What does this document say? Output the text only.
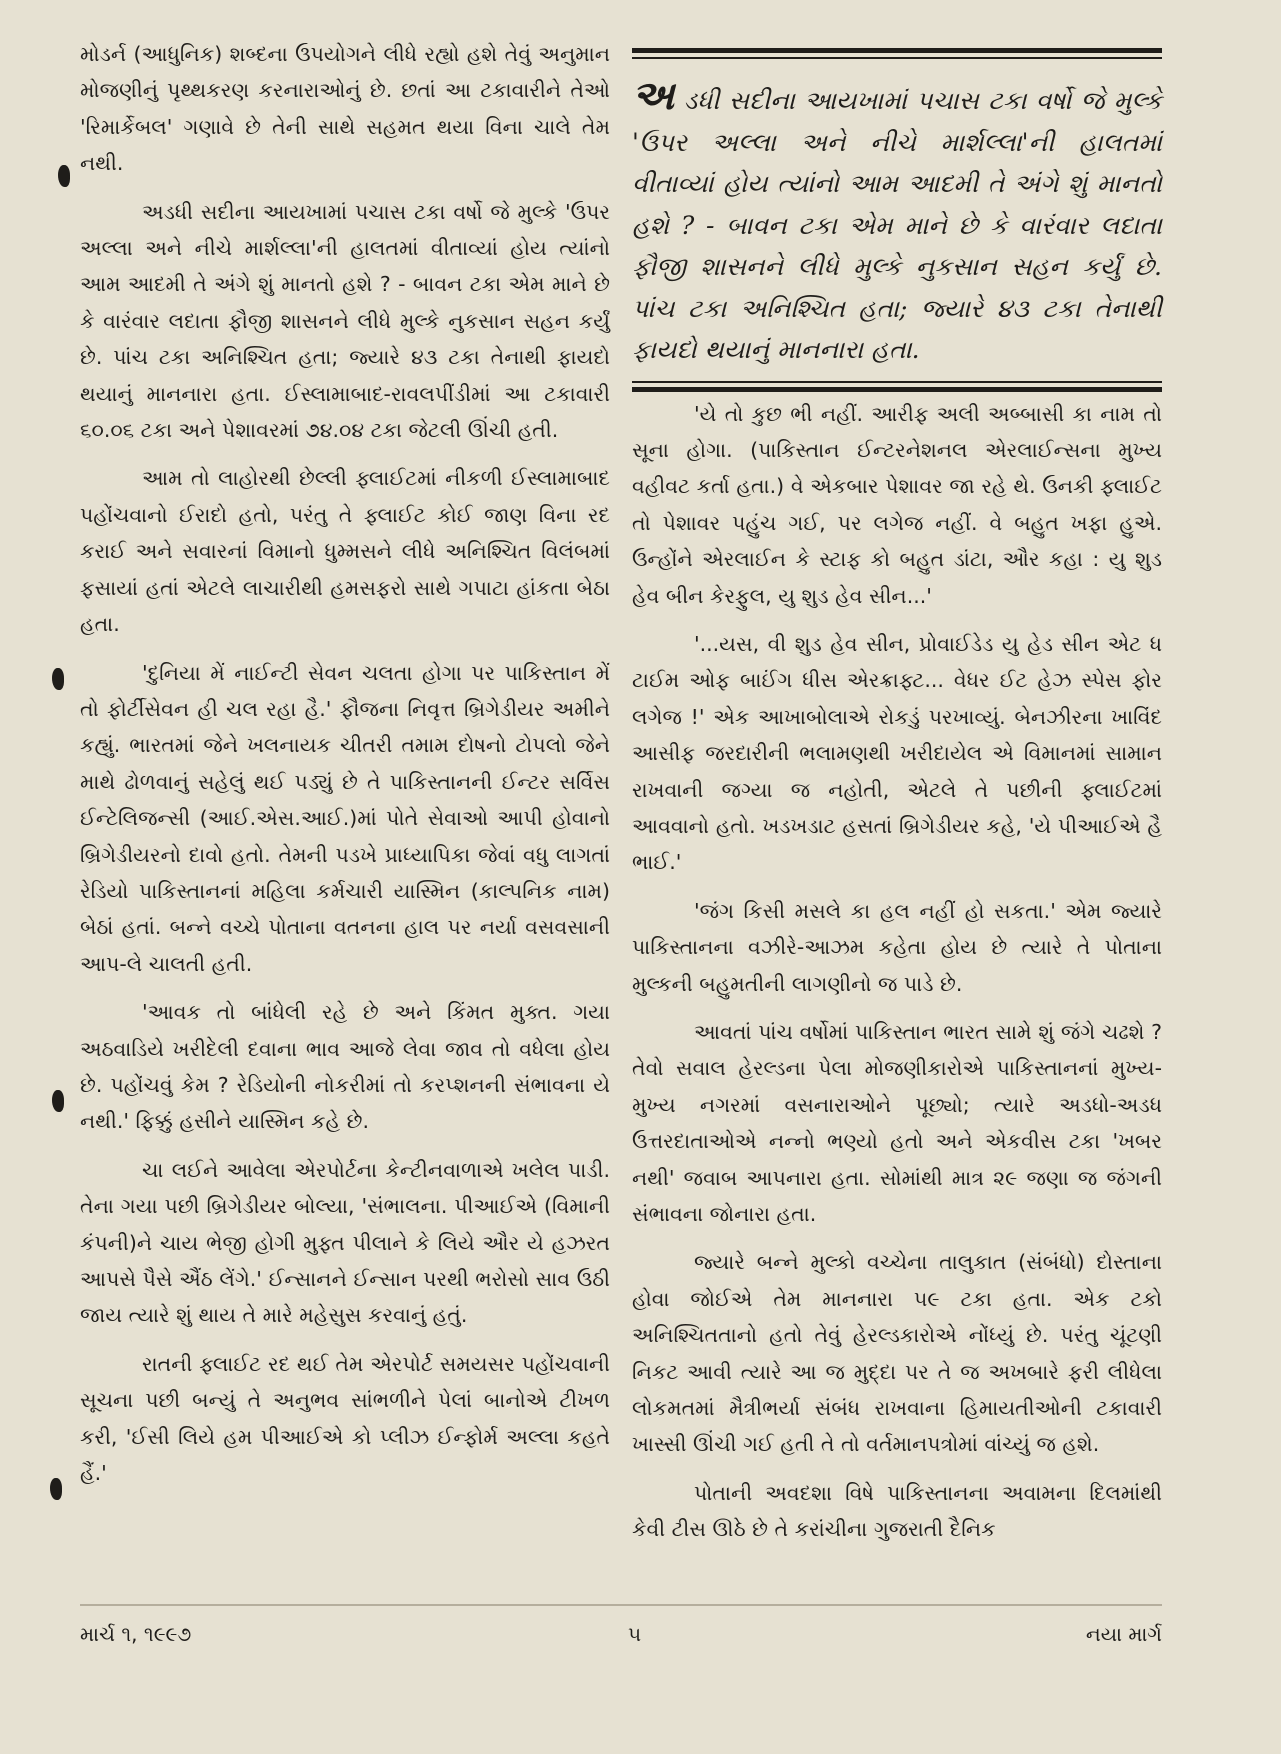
મોડર્ન (આધુનિક) શબ્દના ઉપયોગને લીધે રહ્યો હશે તેવું અનુમાન મોજણીનું પૃથ્થકરણ કરનારાઓનું છે. છતાં આ ટકાવારીને તેઓ 'રિમાર્કેબલ' ગણાવે છે તેની સાથે સહમત થયા વિના ચાલે તેમ નથી.

અડધી સદીના આયખામાં પચાસ ટકા વર્ષો જે મુલ્કે 'ઉપર અલ્લા અને નીચે માર્શલ્લા'ની હાલતમાં વીતાવ્યાં હોય ત્યાંનો આમ આદમી તે અંગે શું માનતો હશે ? - બાવન ટકા એમ માને છે કે વારંવાર લદાતા ફૌજી શાસનને લીધે મુલ્કે નુકસાન સહન કર્યું છે. પાંચ ટકા અનિશ્ચિત હતા; જ્યારે ૪૩ ટકા તેનાથી ફાયદો થયાનું માનનારા હતા. ઈસ્લામાબાદ-રાવલપીંડીમાં આ ટકાવારી ૬૦.૦૬ ટકા અને પેશાવરમાં ૭૪.૦૪ ટકા જેટલી ઊંચી હતી.

આમ તો લાહોરથી છેલ્લી ફ્લાઈટમાં નીકળી ઈસ્લામાબાદ પહોંચવાનો ઈરાદો હતો, પરંતુ તે ફ્લાઈટ કોઈ જાણ વિના રદ કરાઈ અને સવારનાં વિમાનો ધુમ્મસને લીધે અનિશ્ચિત વિલંબમાં ફસાયાં હતાં એટલે લાચારીથી હમસફરો સાથે ગપાટા હાંકતા બેઠા હતા.

'દુનિયા મેં નાઈન્ટી સેવન ચલતા હોગા પર પાકિસ્તાન મેં તો ફોર્ટીસેવન હી ચલ રહા હૈ.' ફૌજના નિવૃત્ત બ્રિગેડીયર અમીને કહ્યું. ભારતમાં જેને ખલનાયક ચીતરી તમામ દોષનો ટોપલો જેને માથે ઢોળવાનું સહેલું થઈ પડ્યું છે તે પાકિસ્તાનની ઈન્ટર સર્વિસ ઈન્ટેલિજન્સી (આઈ.એસ.આઈ.)માં પોતે સેવાઓ આપી હોવાનો બ્રિગેડીયરનો દાવો હતો. તેમની પડખે પ્રાધ્યાપિકા જેવાં વધુ લાગતાં રેડિયો પાકિસ્તાનનાં મહિલા કર્મચારી યાસ્મિન (કાલ્પનિક નામ) બેઠાં હતાં. બન્ને વચ્ચે પોતાના વતનના હાલ પર નર્યા વસવસાની આપ-લે ચાલતી હતી.

'આવક તો બાંધેલી રહે છે અને કિંમત મુક્ત. ગયા અઠવાડિયે ખરીદેલી દવાના ભાવ આજે લેવા જાવ તો વધેલા હોય છે. પહોંચવું કેમ ? રેડિયોની નોકરીમાં તો કરપ્શનની સંભાવના યે નથી.' ફિક્કું હસીને યાસ્મિન કહે છે.

ચા લઈને આવેલા એરપોર્ટના કેન્ટીનવાળાએ ખલેલ પાડી. તેના ગયા પછી બ્રિગેડીયર બોલ્યા, 'સંભાલના. પીઆઈએ (વિમાની કંપની)ને ચાય ભેજી હોગી મુફ્ત પીલાને કે લિયે ઔર યે હઝરત આપસે પૈસે ઐંઠ લેંગે.' ઈન્સાનને ઈન્સાન પરથી ભરોસો સાવ ઉઠી જાય ત્યારે શું થાય તે મારે મહેસુસ કરવાનું હતું.

રાતની ફ્લાઈટ રદ થઈ તેમ એરપોર્ટ સમયસર પહોંચવાની સૂચના પછી બન્યું તે અનુભવ સાંભળીને પેલાં બાનોએ ટીખળ કરી, 'ઈસી લિયે હમ પીઆઈએ કો પ્લીઝ ઈન્ફોર્મ અલ્લા કહતે હૈં.'

અ ડધી સદીના આયખામાં પચાસ ટકા વર્ષો જે મુલ્કે 'ઉપર અલ્લા અને નીચે માર્શલ્લા'ની હાલતમાં વીતાવ્યાં હોય ત્યાંનો આમ આદમી તે અંગે શું માનતો હશે ? - બાવન ટકા એમ માને છે કે વારંવાર લદાતા ફૌજી શાસનને લીધે મુલ્કે નુકસાન સહન કર્યું છે. પાંચ ટકા અનિશ્ચિત હતા; જ્યારે ૪૩ ટકા તેનાથી ફાયદો થયાનું માનનારા હતા.

'યે તો કુછ ભી નહીં. આરીફ અલી અબ્બાસી કા નામ તો સૂના હોગા. (પાકિસ્તાન ઈન્ટરનેશનલ એરલાઈન્સના મુખ્ય વહીવટ કર્તા હતા.) વે એકબાર પેશાવર જા રહે થે. ઉનકી ફ્લાઈટ તો પેશાવર પહુંચ ગઈ, પર લગેજ નહીં. વે બહુત ખફા હુએ. ઉન્હોંને એરલાઈન કે સ્ટાફ કો બહુત ડાંટા, ઔર કહા : યુ શુડ હેવ બીન કેરફુલ, યુ શુડ હેવ સીન...'

'...યસ, વી શુડ હેવ સીન, પ્રોવાઈડેડ યુ હેડ સીન એટ ધ ટાઈમ ઓફ બાઈંગ ધીસ એરક્રાફ્ટ... વેધર ઈટ હેઝ સ્પેસ ફોર લગેજ !' એક આખાબોલાએ રોકડું પરખાવ્યું. બેનઝીરના ખાવિંદ આસીફ જરદારીની ભલામણથી ખરીદાયેલ એ વિમાનમાં સામાન રાખવાની જગ્યા જ નહોતી, એટલે તે પછીની ફ્લાઈટમાં આવવાનો હતો. ખડખડાટ હસતાં બ્રિગેડીયર કહે, 'યે પીઆઈએ હૈ ભાઈ.'

'જંગ કિસી મસલે કા હલ નહીં હો સકતા.' એમ જ્યારે પાકિસ્તાનના વઝીરે-આઝમ કહેતા હોય છે ત્યારે તે પોતાના મુલ્કની બહુમતીની લાગણીનો જ પાડે છે.

આવતાં પાંચ વર્ષોમાં પાકિસ્તાન ભારત સામે શું જંગે ચઢશે ? તેવો સવાલ હેરલ્ડના પેલા મોજણીકારોએ પાકિસ્તાનનાં મુખ્ય-મુખ્ય નગરમાં વસનારાઓને પૂછ્યો; ત્યારે અડધો-અડધ ઉત્તરદાતાઓએ નન્નો ભણ્યો હતો અને એકવીસ ટકા 'ખબર નથી' જવાબ આપનારા હતા. સોમાંથી માત્ર ૨૯ જણા જ જંગની સંભાવના જોનારા હતા.

જ્યારે બન્ને મુલ્કો વચ્ચેના તાલુકાત (સંબંધો) દોસ્તાના હોવા જોઈએ તેમ માનનારા ૫૯ ટકા હતા. એક ટકો અનિશ્ચિતતાનો હતો તેવું હેરલ્ડકારોએ નોંધ્યું છે. પરંતુ ચૂંટણી નિકટ આવી ત્યારે આ જ મુદ્દા પર તે જ અખબારે ફરી લીધેલા લોકમતમાં મૈત્રીભર્યા સંબંધ રાખવાના હિમાયતીઓની ટકાવારી ખાસ્સી ઊંચી ગઈ હતી તે તો વર્તમાનપત્રોમાં વાંચ્યું જ હશે.

પોતાની અવદશા વિષે પાકિસ્તાનના અવામના દિલમાંથી કેવી ટીસ ઊઠે છે તે કરાંચીના ગુજરાતી દૈનિક

માર્ચ ૧, ૧૯૯૭	૫	નયા માર્ગ
